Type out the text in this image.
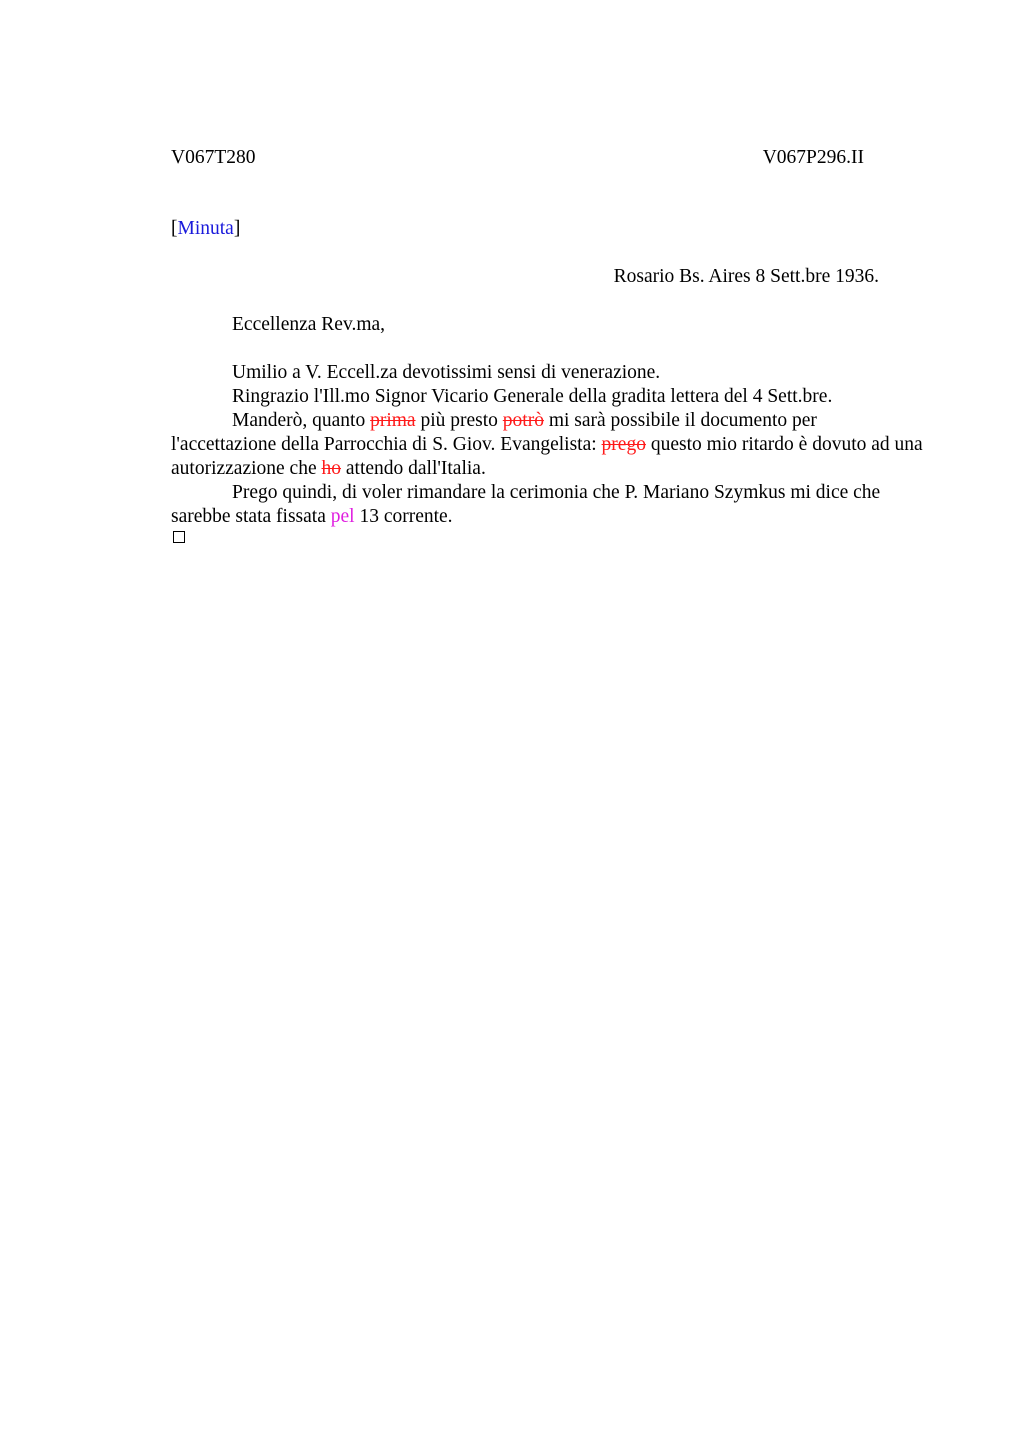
V067T280	V067P296.II
[Minuta]
Rosario Bs. Aires 8 Sett.bre 1936.
Eccellenza Rev.ma,

Umilio a V. Eccell.za devotissimi sensi di venerazione.

Ringrazio l'Ill.mo Signor Vicario Generale della gradita lettera del 4 Sett.bre.

Manderò, quanto prima più presto potrò mi sarà possibile il documento per l'accettazione della Parrocchia di S. Giov. Evangelista: prego questo mio ritardo è dovuto ad una autorizzazione che ho attendo dall'Italia.

Prego quindi, di voler rimandare la cerimonia che P. Mariano Szymkus mi dice che sarebbe stata fissata pel 13 corrente.
